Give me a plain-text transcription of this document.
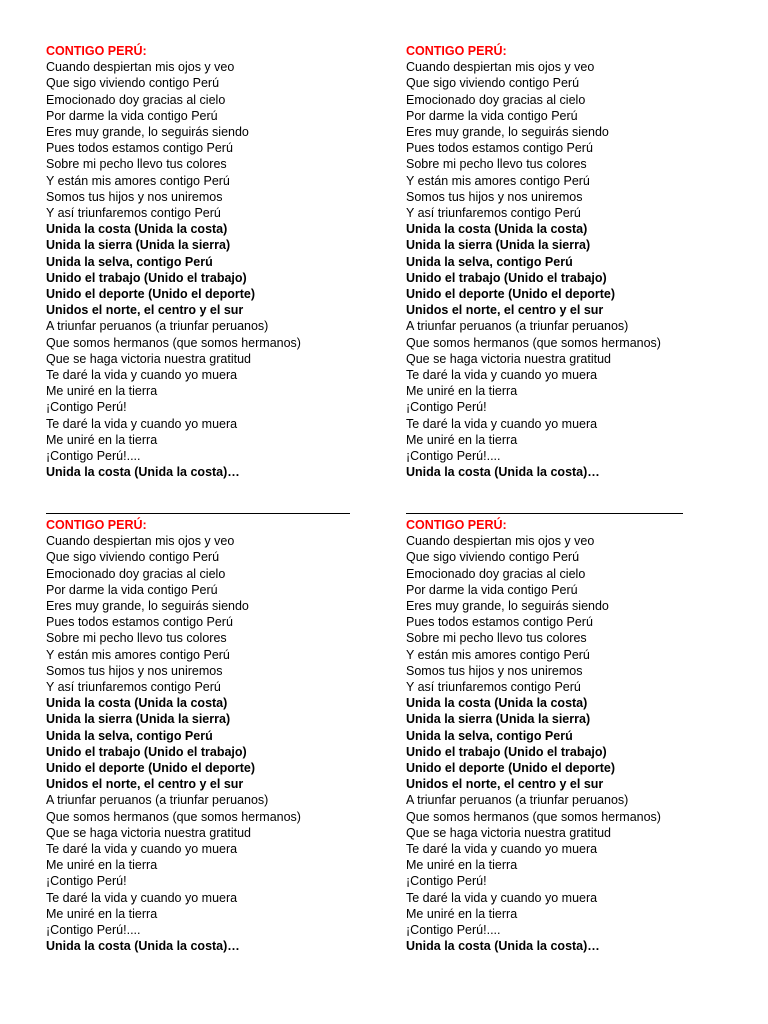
CONTIGO PERÚ:
Cuando despiertan mis ojos y veo
Que sigo viviendo contigo Perú
Emocionado doy gracias al cielo
Por darme la vida contigo Perú
Eres muy grande, lo seguirás siendo
Pues todos estamos contigo Perú
Sobre mi pecho llevo tus colores
Y están mis amores contigo Perú
Somos tus hijos y nos uniremos
Y así triunfaremos contigo Perú
Unida la costa (Unida la costa)
Unida la sierra (Unida la sierra)
Unida la selva, contigo Perú
Unido el trabajo (Unido el trabajo)
Unido el deporte (Unido el deporte)
Unidos el norte, el centro y el sur
A triunfar peruanos (a triunfar peruanos)
Que somos hermanos (que somos hermanos)
Que se haga victoria nuestra gratitud
Te daré la vida y cuando yo muera
Me uniré en la tierra
¡Contigo Perú!
Te daré la vida y cuando yo muera
Me uniré en la tierra
¡Contigo Perú!....
Unida la costa (Unida la costa)…
CONTIGO PERÚ:
Cuando despiertan mis ojos y veo
Que sigo viviendo contigo Perú
Emocionado doy gracias al cielo
Por darme la vida contigo Perú
Eres muy grande, lo seguirás siendo
Pues todos estamos contigo Perú
Sobre mi pecho llevo tus colores
Y están mis amores contigo Perú
Somos tus hijos y nos uniremos
Y así triunfaremos contigo Perú
Unida la costa (Unida la costa)
Unida la sierra (Unida la sierra)
Unida la selva, contigo Perú
Unido el trabajo (Unido el trabajo)
Unido el deporte (Unido el deporte)
Unidos el norte, el centro y el sur
A triunfar peruanos (a triunfar peruanos)
Que somos hermanos (que somos hermanos)
Que se haga victoria nuestra gratitud
Te daré la vida y cuando yo muera
Me uniré en la tierra
¡Contigo Perú!
Te daré la vida y cuando yo muera
Me uniré en la tierra
¡Contigo Perú!....
Unida la costa (Unida la costa)…
CONTIGO PERÚ:
Cuando despiertan mis ojos y veo
Que sigo viviendo contigo Perú
Emocionado doy gracias al cielo
Por darme la vida contigo Perú
Eres muy grande, lo seguirás siendo
Pues todos estamos contigo Perú
Sobre mi pecho llevo tus colores
Y están mis amores contigo Perú
Somos tus hijos y nos uniremos
Y así triunfaremos contigo Perú
Unida la costa (Unida la costa)
Unida la sierra (Unida la sierra)
Unida la selva, contigo Perú
Unido el trabajo (Unido el trabajo)
Unido el deporte (Unido el deporte)
Unidos el norte, el centro y el sur
A triunfar peruanos (a triunfar peruanos)
Que somos hermanos (que somos hermanos)
Que se haga victoria nuestra gratitud
Te daré la vida y cuando yo muera
Me uniré en la tierra
¡Contigo Perú!
Te daré la vida y cuando yo muera
Me uniré en la tierra
¡Contigo Perú!....
Unida la costa (Unida la costa)…
CONTIGO PERÚ:
Cuando despiertan mis ojos y veo
Que sigo viviendo contigo Perú
Emocionado doy gracias al cielo
Por darme la vida contigo Perú
Eres muy grande, lo seguirás siendo
Pues todos estamos contigo Perú
Sobre mi pecho llevo tus colores
Y están mis amores contigo Perú
Somos tus hijos y nos uniremos
Y así triunfaremos contigo Perú
Unida la costa (Unida la costa)
Unida la sierra (Unida la sierra)
Unida la selva, contigo Perú
Unido el trabajo (Unido el trabajo)
Unido el deporte (Unido el deporte)
Unidos el norte, el centro y el sur
A triunfar peruanos (a triunfar peruanos)
Que somos hermanos (que somos hermanos)
Que se haga victoria nuestra gratitud
Te daré la vida y cuando yo muera
Me uniré en la tierra
¡Contigo Perú!
Te daré la vida y cuando yo muera
Me uniré en la tierra
¡Contigo Perú!....
Unida la costa (Unida la costa)…
